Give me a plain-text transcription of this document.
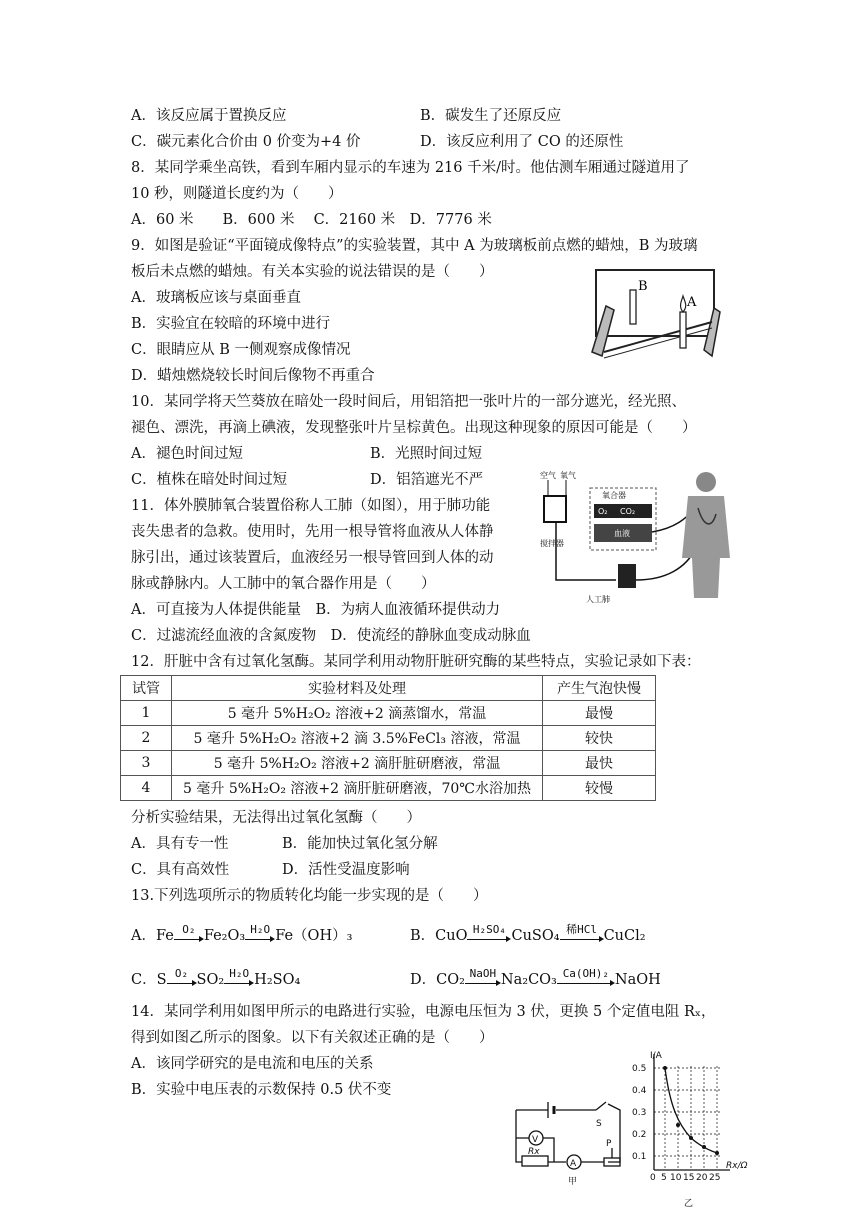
A．该反应属于置换反应	B．碳发生了还原反应
C．碳元素化合价由 0 价变为+4 价	D．该反应利用了 CO 的还原性
8．某同学乘坐高铁，看到车厢内显示的车速为 216 千米/时。他估测车厢通过隧道用了
10 秒，则隧道长度约为（　　）
A．60 米　　B．600 米　 C．2160 米　D．7776 米
9．如图是验证“平面镜成像特点”的实验装置，其中 A 为玻璃板前点燃的蜡烛，B 为玻璃
板后未点燃的蜡烛。有关本实验的说法错误的是（　　）
A．玻璃板应该与桌面垂直
B．实验宜在较暗的环境中进行
C．眼睛应从 B 一侧观察成像情况
D．蜡烛燃烧较长时间后像物不再重合
B
A
10．某同学将天竺葵放在暗处一段时间后，用铝箔把一张叶片的一部分遮光，经光照、
褪色、漂洗，再滴上碘液，发现整张叶片呈棕黄色。出现这种现象的原因可能是（　　）
A．褪色时间过短	B．光照时间过短
C．植株在暗处时间过短	D．铝箔遮光不严
11．体外膜肺氧合装置俗称人工肺（如图），用于肺功能
丧失患者的急救。使用时，先用一根导管将血液从人体静
脉引出，通过该装置后，血液经另一根导管回到人体的动
脉或静脉内。人工肺中的氧合器作用是（　　）
A．可直接为人体提供能量　B．为病人血液循环提供动力
C．过滤流经血液的含氮废物　D．使流经的静脉血变成动脉血
空气 氧气
氧合器
O₂ CO₂
血液
搅拌器
人工肺
12．肝脏中含有过氧化氢酶。某同学利用动物肝脏研究酶的某些特点，实验记录如下表：
试管	实验材料及处理	产生气泡快慢
1	5 毫升 5%H₂O₂ 溶液+2 滴蒸馏水，常温	最慢
2	5 毫升 5%H₂O₂ 溶液+2 滴 3.5%FeCl₃ 溶液，常温	较快
3	5 毫升 5%H₂O₂ 溶液+2 滴肝脏研磨液，常温	最快
4	5 毫升 5%H₂O₂ 溶液+2 滴肝脏研磨液，70℃水浴加热	较慢
分析实验结果，无法得出过氧化氢酶（　　）
A．具有专一性	B．能加快过氧化氢分解
C．具有高效性	D．活性受温度影响
13.下列选项所示的物质转化均能一步实现的是（　　）
A．Fe O₂ Fe₂O₃ H₂O Fe（OH）₃	B．CuO H₂SO₄ CuSO₄ 稀HCl CuCl₂
C．S O₂ SO₂ H₂O H₂SO₄	D．CO₂ NaOH Na₂CO₃ Ca(OH)₂ NaOH
14．某同学利用如图甲所示的电路进行实验，电源电压恒为 3 伏，更换 5 个定值电阻 Rₓ，
得到如图乙所示的图象。以下有关叙述正确的是（　　）
A．该同学研究的是电流和电压的关系
B．实验中电压表的示数保持 0.5 伏不变
V
A
Rx
S
P
甲
I/A
Rx/Ω
0.5
0.4
0.3
0.2
0.1
0 5 10 15 20 25
乙
